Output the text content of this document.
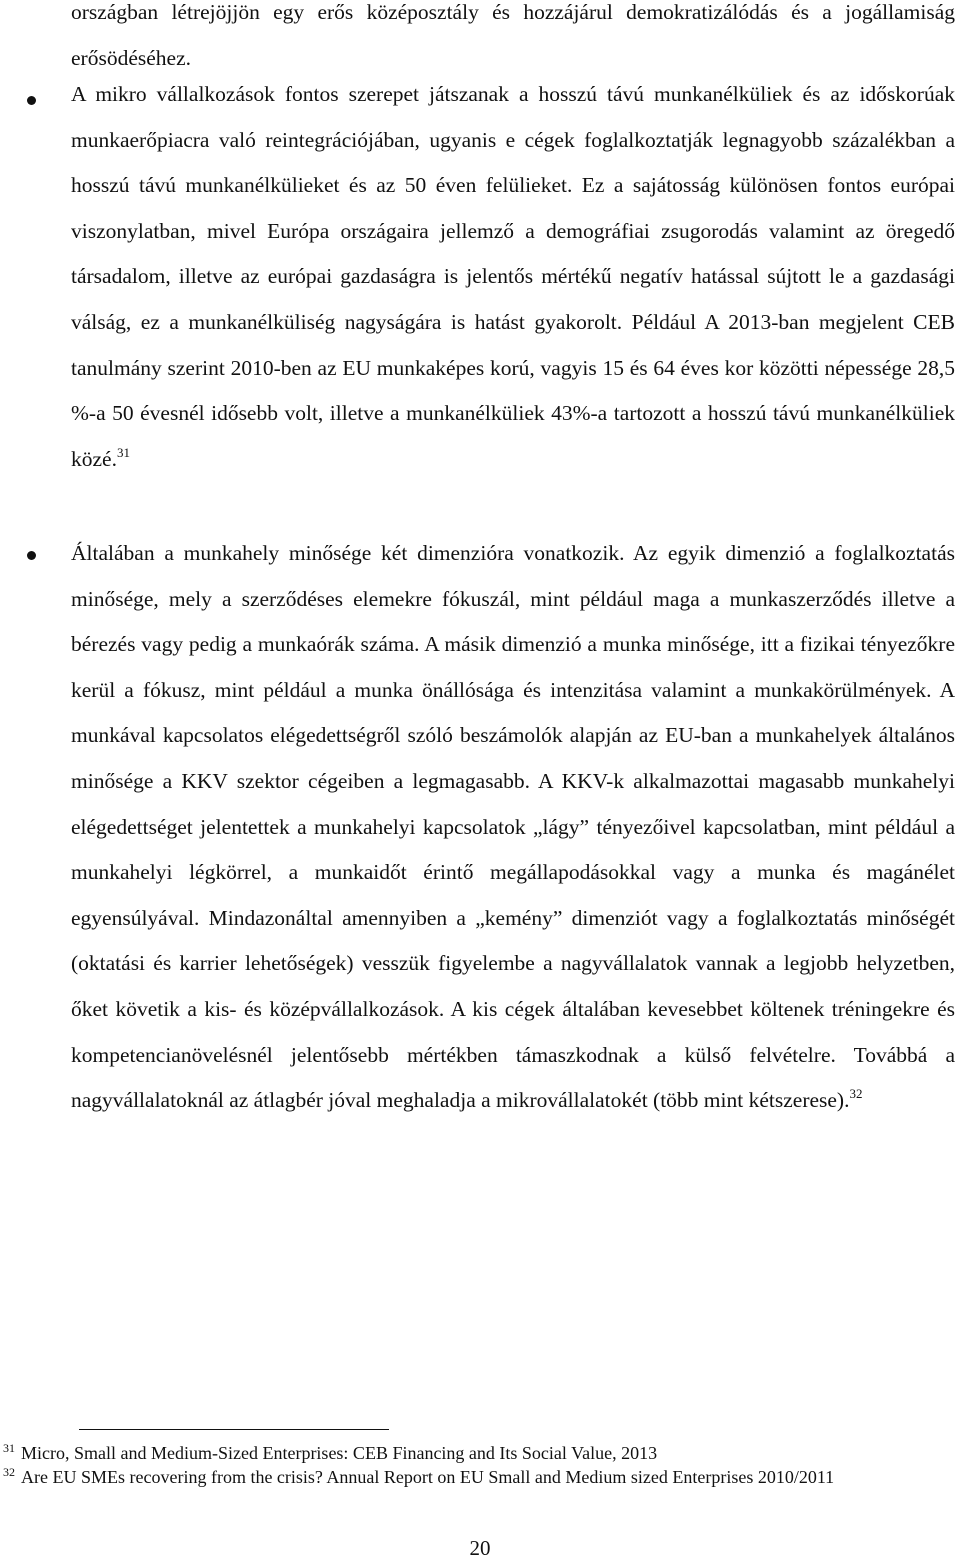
országban létrejöjjön egy erős középosztály és hozzájárul demokratizálódás és a jogállamiság erősödéséhez.

A mikro vállalkozások fontos szerepet játszanak a hosszú távú munkanélküliek és az időskorúak munkaerőpiacra való reintegrációjában, ugyanis e cégek foglalkoztatják legnagyobb százalékban a hosszú távú munkanélkülieket és az 50 éven felülieket. Ez a sajátosság különösen fontos európai viszonylatban, mivel Európa országaira jellemző a demográfiai zsugorodás valamint az öregedő társadalom, illetve az európai gazdaságra is jelentős mértékű negatív hatással sújtott le a gazdasági válság, ez a munkanélküliség nagyságára is hatást gyakorolt. Például A 2013-ban megjelent CEB tanulmány szerint 2010-ben az EU munkaképes korú, vagyis 15 és 64 éves kor közötti népessége 28,5 %-a 50 évesnél idősebb volt, illetve a munkanélküliek 43%-a tartozott a hosszú távú munkanélküliek közé.$^{31}$

Általában a munkahely minősége két dimenzióra vonatkozik. Az egyik dimenzió a foglalkoztatás minősége, mely a szerződéses elemekre fókuszál, mint például maga a munkaszerződés illetve a bérezés vagy pedig a munkaórák száma. A másik dimenzió a munka minősége, itt a fizikai tényezőkre kerül a fókusz, mint például a munka önállósága és intenzitása valamint a munkakörülmények. A munkával kapcsolatos elégedettségről szóló beszámolók alapján az EU-ban a munkahelyek általános minősége a KKV szektor cégeiben a legmagasabb. A KKV-k alkalmazottai magasabb munkahelyi elégedettséget jelentettek a munkahelyi kapcsolatok „lágy” tényezőivel kapcsolatban, mint például a munkahelyi légkörrel, a munkaidőt érintő megállapodásokkal vagy a munka és magánélet egyensúlyával. Mindazonáltal amennyiben a „kemény” dimenziót vagy a foglalkoztatás minőségét (oktatási és karrier lehetőségek) vesszük figyelembe a nagyvállalatok vannak a legjobb helyzetben, őket követik a kis- és középvállalkozások. A kis cégek általában kevesebbet költenek tréningekre és kompetencianövelésnél jelentősebb mértékben támaszkodnak a külső felvételre. Továbbá a nagyvállalatoknál az átlagbér jóval meghaladja a mikrovállalatokét (több mint kétszerese).$^{32}$

$^{31}$ Micro, Small and Medium-Sized Enterprises: CEB Financing and Its Social Value, 2013

$^{32}$ Are EU SMEs recovering from the crisis? Annual Report on EU Small and Medium sized Enterprises 2010/2011

20
